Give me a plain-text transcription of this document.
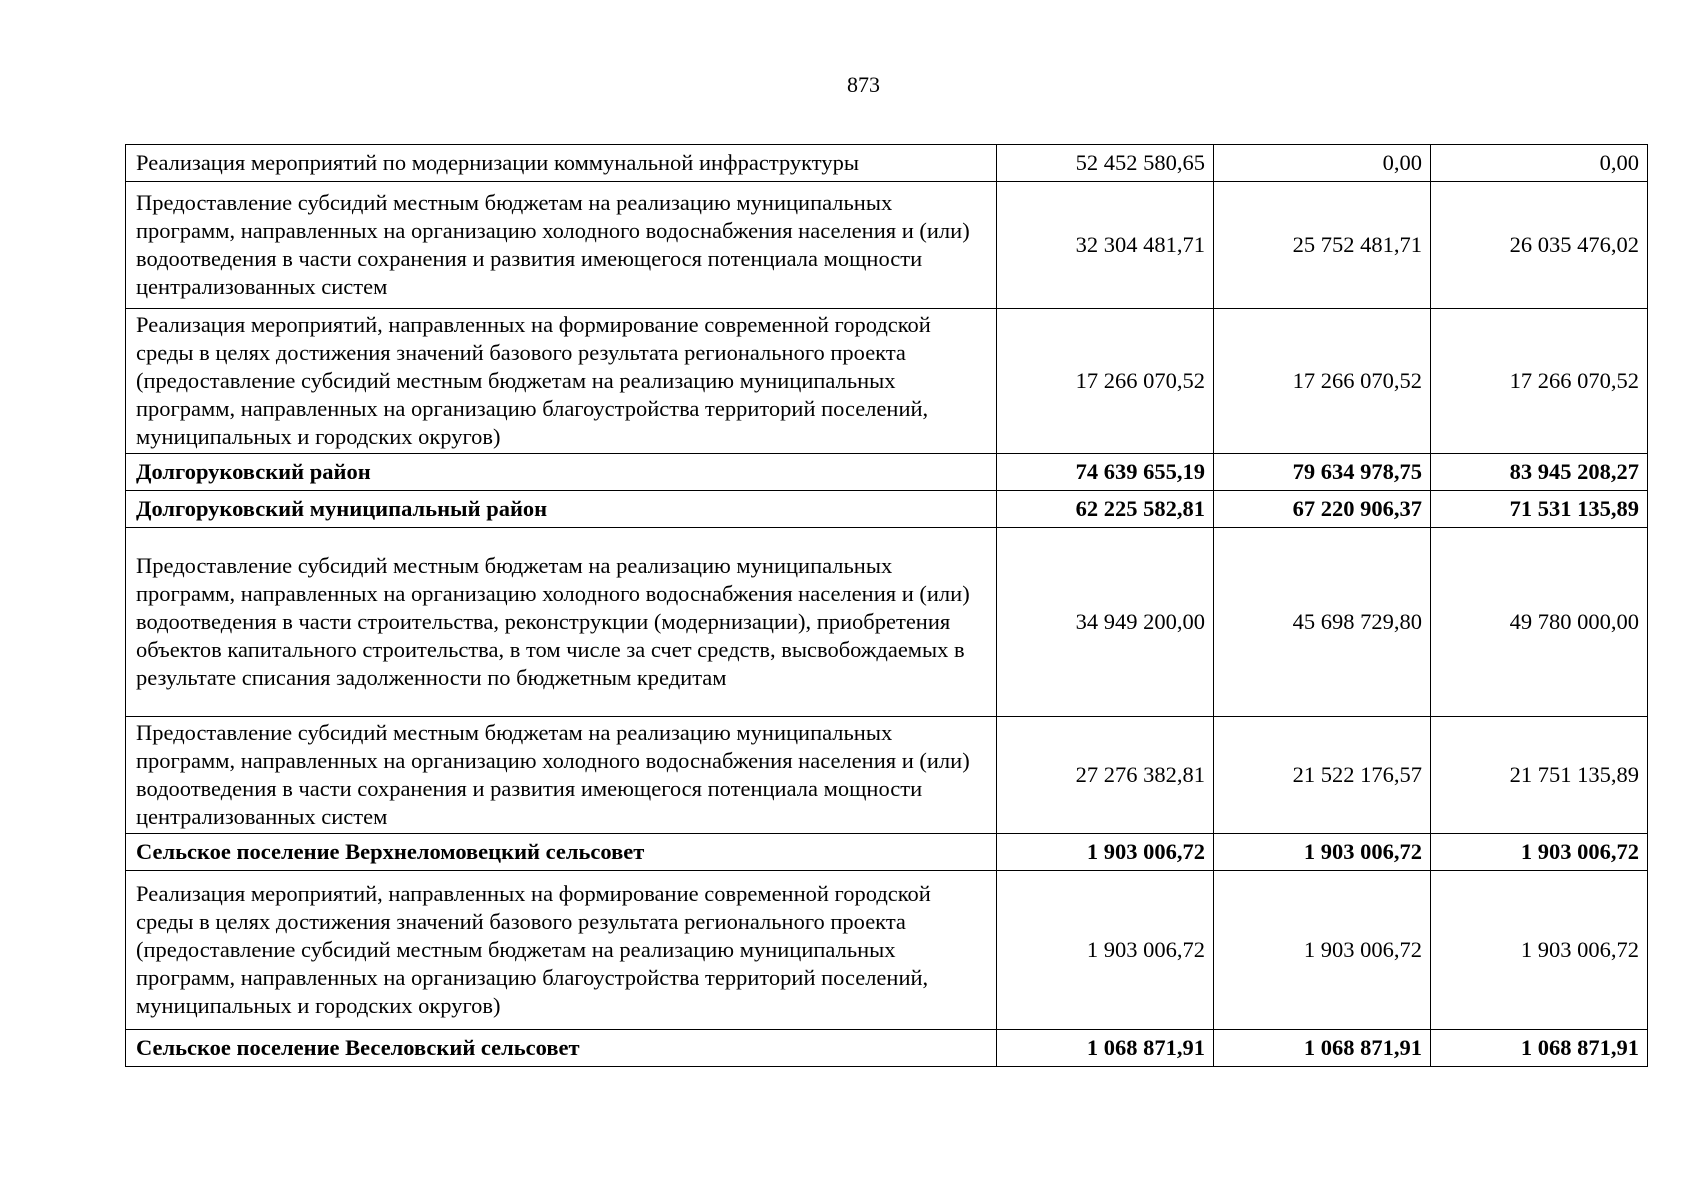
873
Реализация мероприятий по модернизации коммунальной инфраструктуры	52 452 580,65	0,00	0,00
Предоставление субсидий местным бюджетам на реализацию муниципальных программ, направленных на организацию холодного водоснабжения населения и (или) водоотведения в части сохранения и развития имеющегося потенциала мощности централизованных систем	32 304 481,71	25 752 481,71	26 035 476,02
Реализация мероприятий, направленных на формирование современной городской среды в целях достижения значений базового результата регионального проекта (предоставление субсидий местным бюджетам на реализацию муниципальных программ, направленных на организацию благоустройства территорий поселений, муниципальных и городских округов)	17 266 070,52	17 266 070,52	17 266 070,52
Долгоруковский район	74 639 655,19	79 634 978,75	83 945 208,27
Долгоруковский муниципальный район	62 225 582,81	67 220 906,37	71 531 135,89
Предоставление субсидий местным бюджетам на реализацию муниципальных программ, направленных на организацию холодного водоснабжения населения и (или) водоотведения в части строительства, реконструкции (модернизации), приобретения объектов капитального строительства, в том числе за счет средств, высвобождаемых в результате списания задолженности по бюджетным кредитам	34 949 200,00	45 698 729,80	49 780 000,00
Предоставление субсидий местным бюджетам на реализацию муниципальных программ, направленных на организацию холодного водоснабжения населения и (или) водоотведения в части сохранения и развития имеющегося потенциала мощности централизованных систем	27 276 382,81	21 522 176,57	21 751 135,89
Сельское поселение Верхнеломовецкий сельсовет	1 903 006,72	1 903 006,72	1 903 006,72
Реализация мероприятий, направленных на формирование современной городской среды в целях достижения значений базового результата регионального проекта (предоставление субсидий местным бюджетам на реализацию муниципальных программ, направленных на организацию благоустройства территорий поселений, муниципальных и городских округов)	1 903 006,72	1 903 006,72	1 903 006,72
Сельское поселение Веселовский сельсовет	1 068 871,91	1 068 871,91	1 068 871,91
